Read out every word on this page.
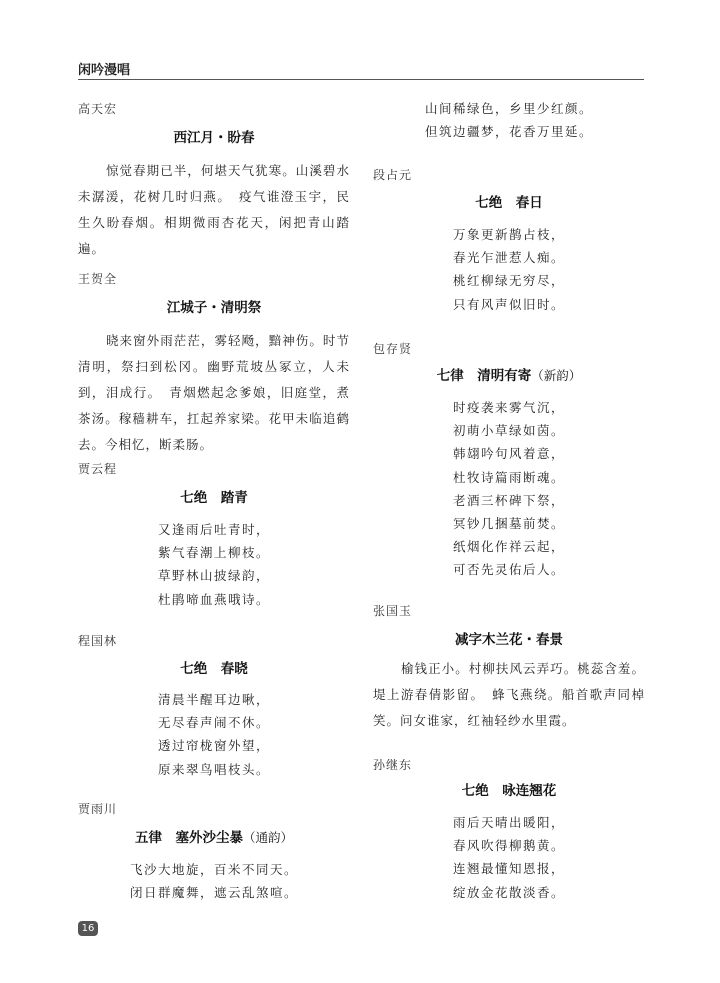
闲吟漫唱
高天宏
西江月・盼春
惊觉春期已半，何堪天气犹寒。山溪碧水未潺湲，花树几时归燕。　疫气谁澄玉宇，民生久盼春烟。相期微雨杏花天，闲把青山踏遍。
王贺全
江城子・清明祭
晓来窗外雨茫茫，雾轻飏，黯神伤。时节清明，祭扫到松冈。幽野荒坡丛冢立，人未到，泪成行。　青烟燃起念爹娘，旧庭堂，煮茶汤。稼穑耕车，扛起养家梁。花甲未临追鹤去。今相忆，断柔肠。
贾云程
七绝　踏青
又逢雨后吐青时，
紫气春潮上柳枝。
草野林山披绿韵，
杜鹃啼血燕哦诗。
程国林
七绝　春晓
清晨半醒耳边啾，
无尽春声闹不休。
透过帘栊窗外望，
原来翠鸟唱枝头。
贾雨川
五律　塞外沙尘暴（通韵）
飞沙大地旋，百米不同天。
闭日群魔舞，遮云乱煞喧。
山间稀绿色，乡里少红颜。
但筑边疆梦，花香万里延。
段占元
七绝　春日
万象更新鹊占枝，
春光乍泄惹人痴。
桃红柳绿无穷尽，
只有风声似旧时。
包存贤
七律　清明有寄（新韵）
时疫袭来雾气沉，
初萌小草绿如茵。
韩翃吟句风着意，
杜牧诗篇雨断魂。
老酒三杯碑下祭，
冥钞几捆墓前焚。
纸烟化作祥云起，
可否先灵佑后人。
张国玉
减字木兰花・春景
榆钱正小。村柳扶风云弄巧。桃蕊含羞。堤上游春倩影留。　蜂飞燕绕。船首歌声同棹笑。问女谁家，红袖轻纱水里霞。
孙继东
七绝　咏连翘花
雨后天晴出暖阳，
春风吹得柳鹅黄。
连翘最懂知恩报，
绽放金花散淡香。
16
